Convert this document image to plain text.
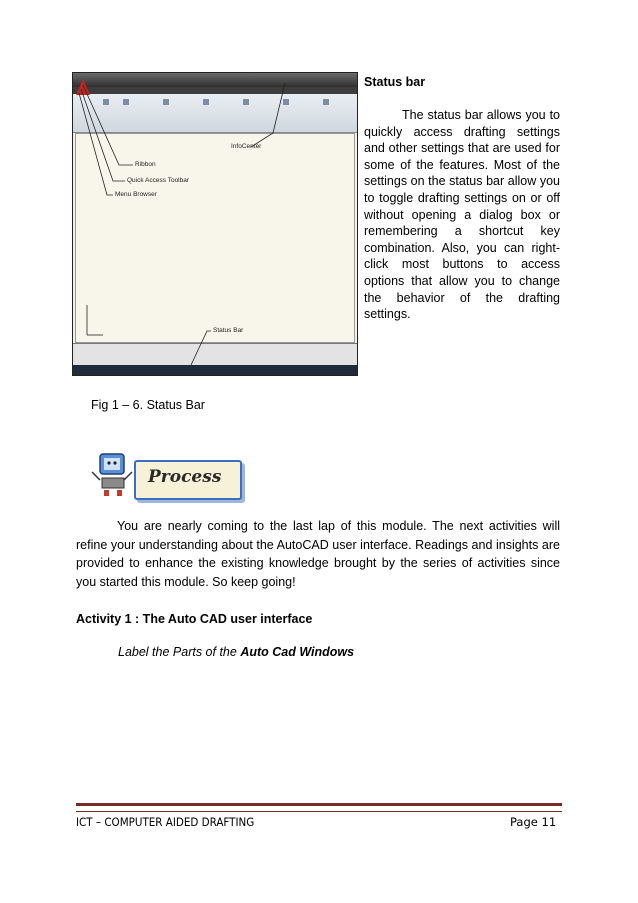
Ribbon
Quick Access Toolbar
Menu Browser
InfoCenter
Status Bar
Status bar
The status bar allows you to quickly access drafting settings and other settings that are used for some of the features. Most of the settings on the status bar allow you to toggle drafting settings on or off without opening a dialog box or remembering a shortcut key combination. Also, you can right-click most buttons to access options that allow you to change the behavior of the drafting settings.
Fig 1 – 6. Status Bar
Process
You are nearly coming to the last lap of this module. The next activities will refine your understanding about the AutoCAD user interface. Readings and insights are provided to enhance the existing knowledge brought by the series of activities since you started this module. So keep going!
Activity 1 : The Auto CAD user interface
Label the Parts of the Auto Cad Windows
ICT – COMPUTER AIDED DRAFTING	Page 11
